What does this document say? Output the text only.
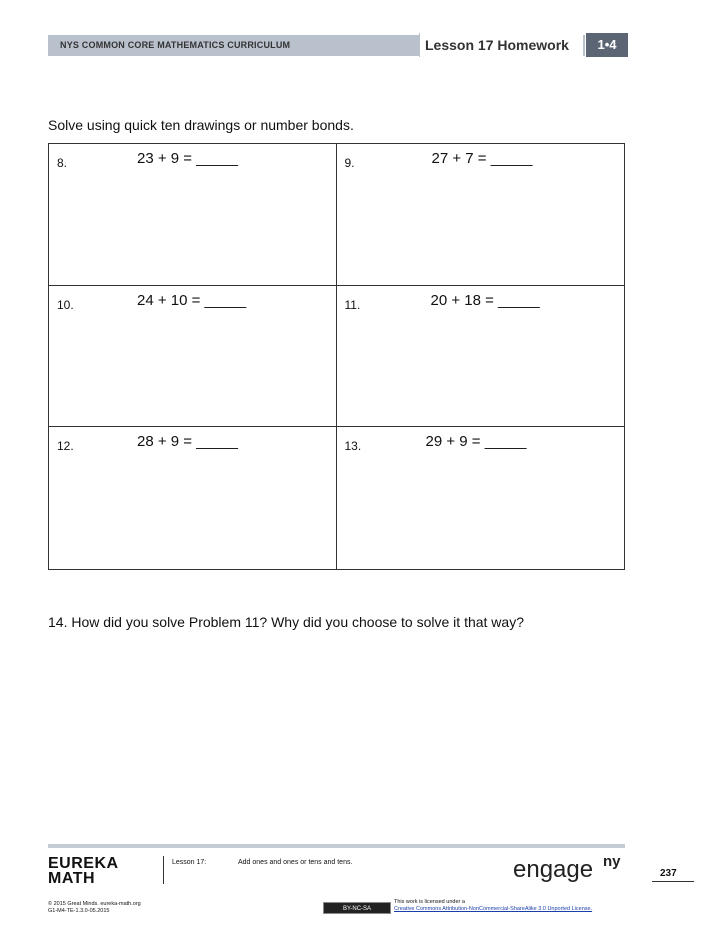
NYS COMMON CORE MATHEMATICS CURRICULUM	Lesson 17 Homework	1•4
Solve using quick ten drawings or number bonds.
8.	23 + 9 = _____	9.	27 + 7 = _____
10.	24 + 10 = _____	11.	20 + 18 = _____
12.	28 + 9 = _____	13.	29 + 9 = _____
14. How did you solve Problem 11? Why did you choose to solve it that way?
EUREKA
MATH
Lesson 17:	Add ones and ones or tens and tens.	engage ny
237
© 2015 Great Minds. eureka-math.org
G1-M4-TE-1.3.0-05.2015	BY-NC-SA
This work is licensed under a
Creative Commons Attribution-NonCommercial-ShareAlike 3.0 Unported License.
